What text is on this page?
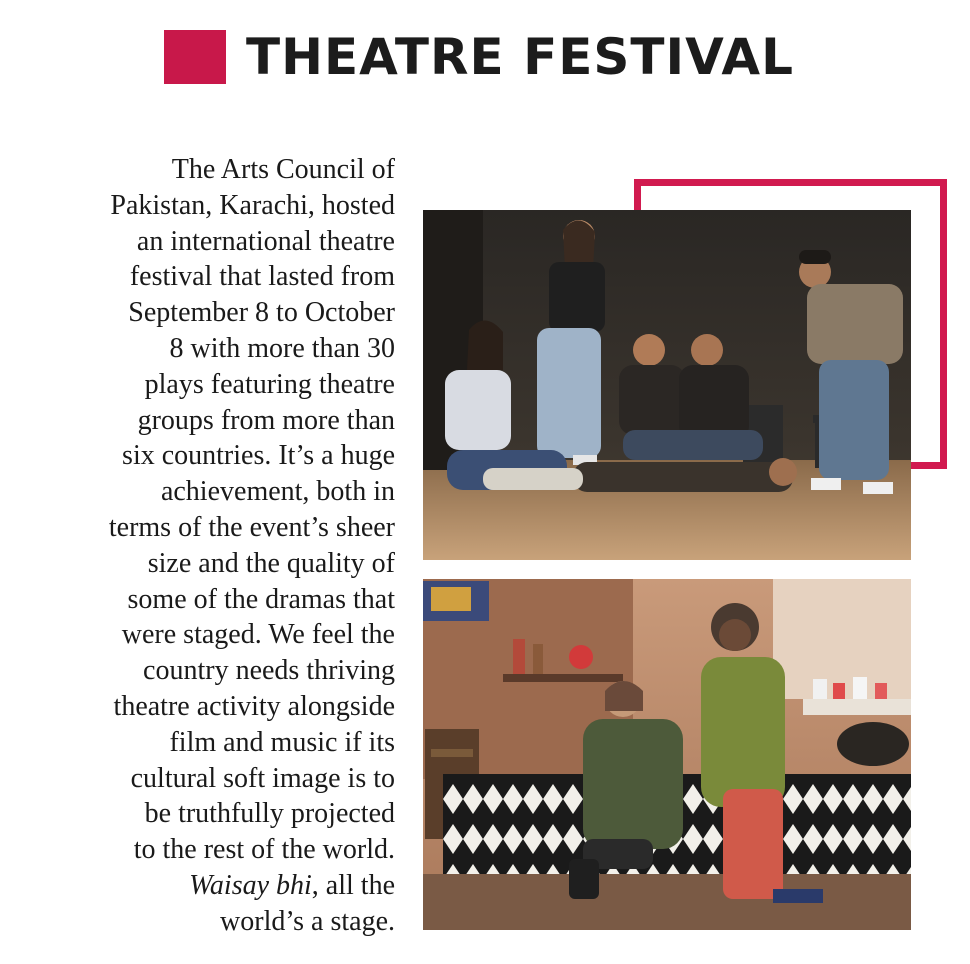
THEATRE FESTIVAL
The Arts Council of
Pakistan, Karachi, hosted
an international theatre
festival that lasted from
September 8 to October
8 with more than 30
plays featuring theatre
groups from more than
six countries. It’s a huge
achievement, both in
terms of the event’s sheer
size and the quality of
some of the dramas that
were staged. We feel the
country needs thriving
theatre activity alongside
film and music if its
cultural soft image is to
be truthfully projected
to the rest of the world.
Waisay bhi, all the
world’s a stage.
